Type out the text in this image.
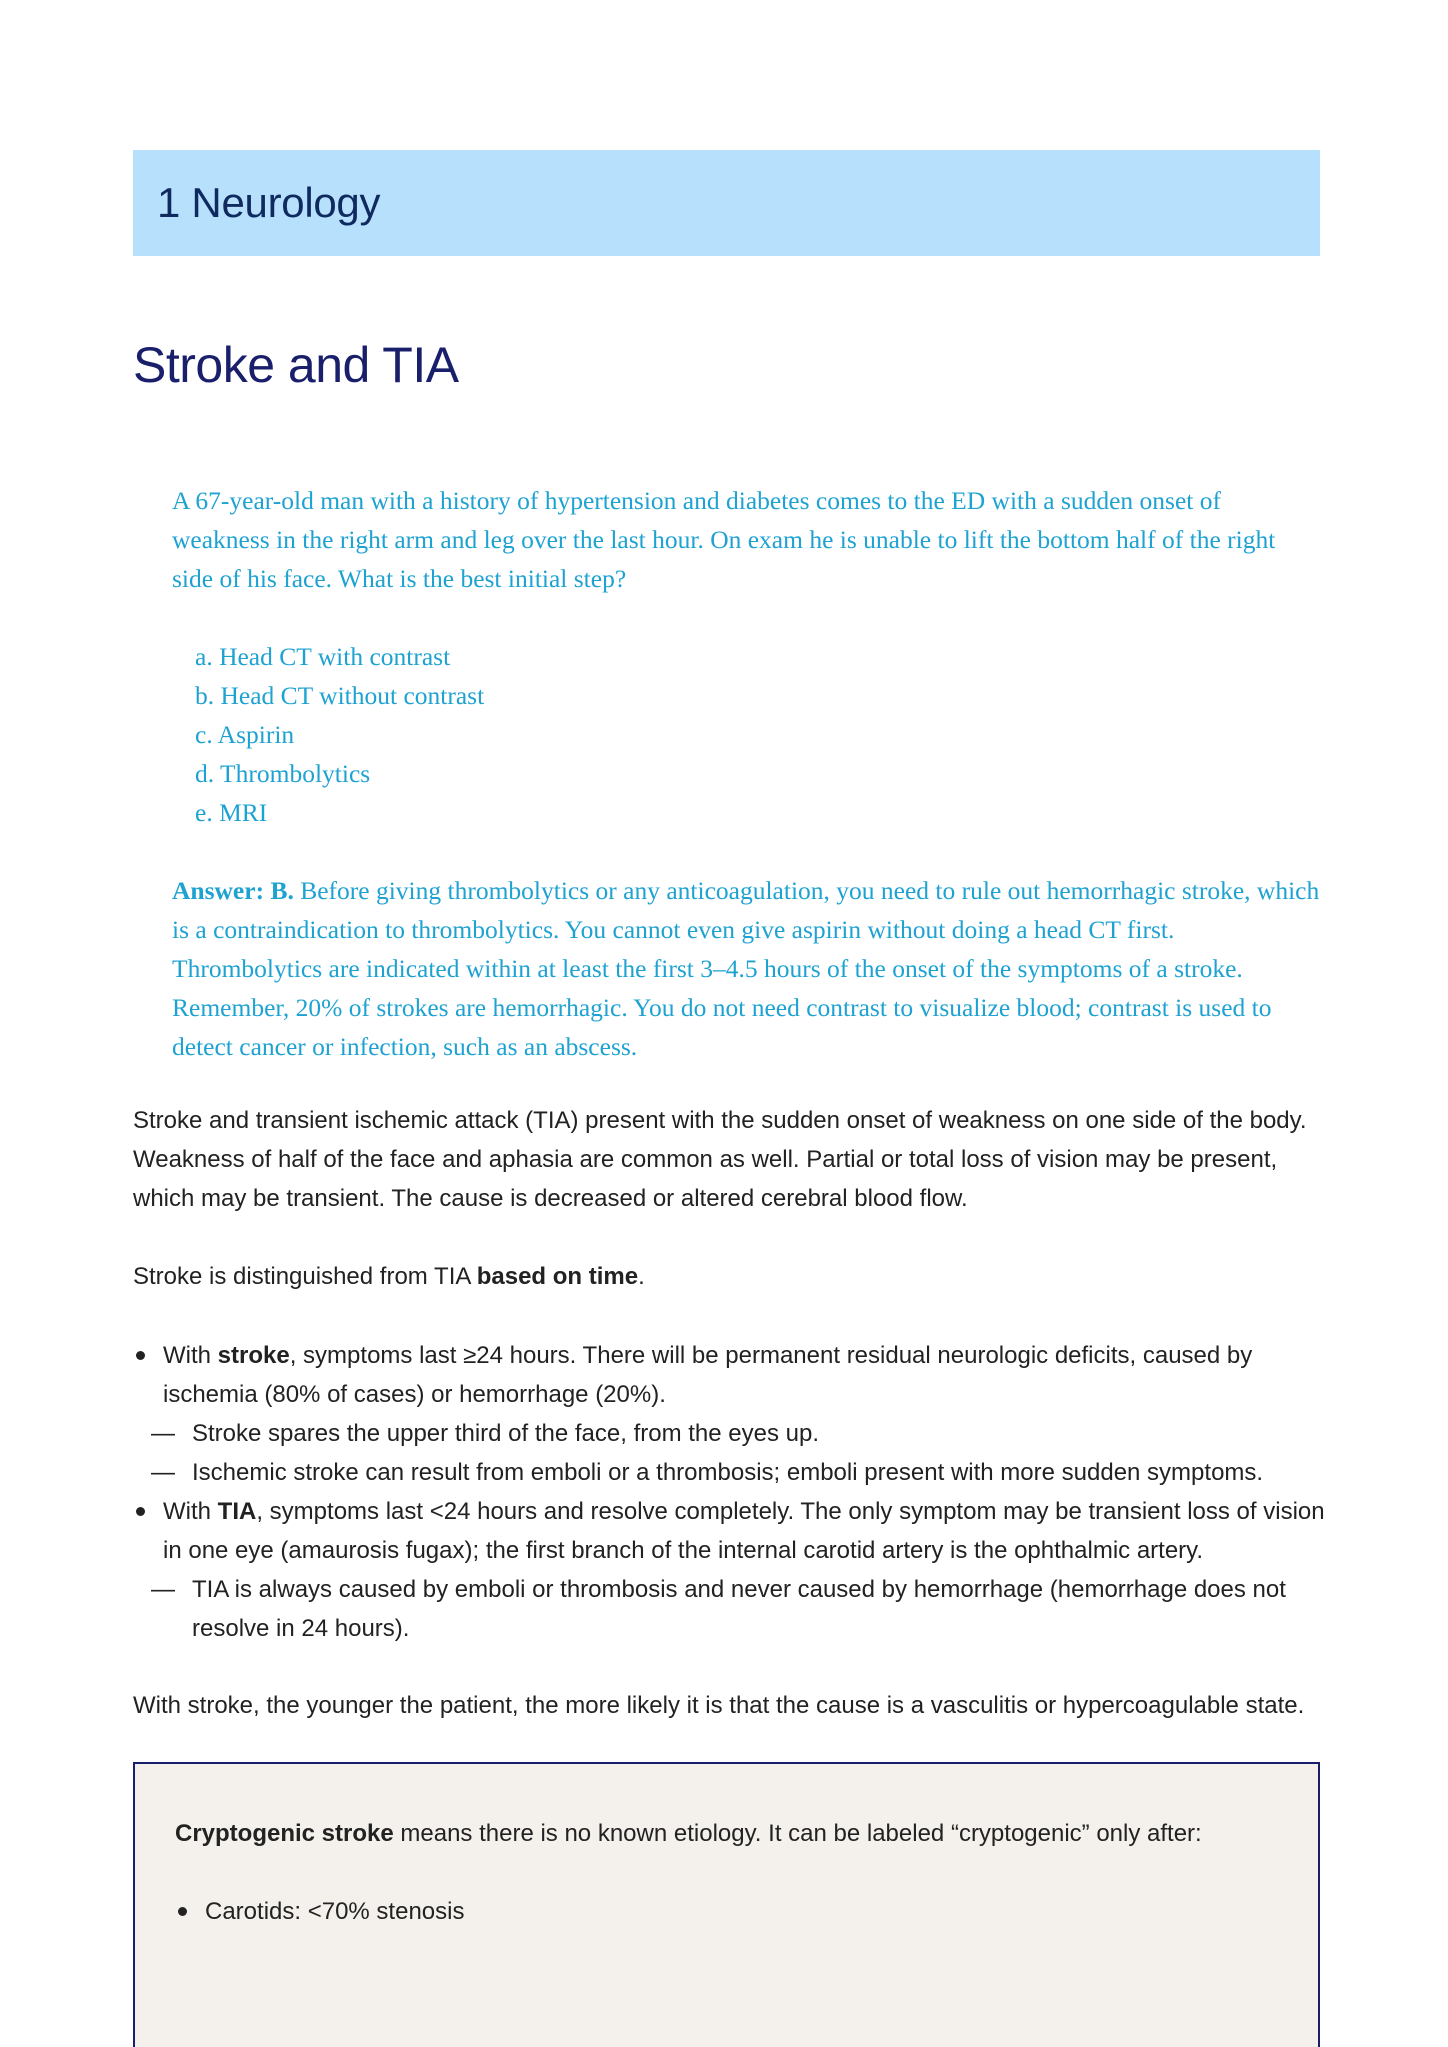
1 Neurology
Stroke and TIA

A 67-year-old man with a history of hypertension and diabetes comes to the ED with a sudden onset of weakness in the right arm and leg over the last hour. On exam he is unable to lift the bottom half of the right side of his face. What is the best initial step?

a. Head CT with contrast
b. Head CT without contrast
c. Aspirin
d. Thrombolytics
e. MRI

Answer: B. Before giving thrombolytics or any anticoagulation, you need to rule out hemorrhagic stroke, which is a contraindication to thrombolytics. You cannot even give aspirin without doing a head CT first. Thrombolytics are indicated within at least the first 3–4.5 hours of the onset of the symptoms of a stroke. Remember, 20% of strokes are hemorrhagic. You do not need contrast to visualize blood; contrast is used to detect cancer or infection, such as an abscess.

Stroke and transient ischemic attack (TIA) present with the sudden onset of weakness on one side of the body. Weakness of half of the face and aphasia are common as well. Partial or total loss of vision may be present, which may be transient. The cause is decreased or altered cerebral blood flow.

Stroke is distinguished from TIA based on time.

With stroke, symptoms last ≥24 hours. There will be permanent residual neurologic deficits, caused by ischemia (80% of cases) or hemorrhage (20%).
— Stroke spares the upper third of the face, from the eyes up.
— Ischemic stroke can result from emboli or a thrombosis; emboli present with more sudden symptoms.
With TIA, symptoms last <24 hours and resolve completely. The only symptom may be transient loss of vision in one eye (amaurosis fugax); the first branch of the internal carotid artery is the ophthalmic artery.
— TIA is always caused by emboli or thrombosis and never caused by hemorrhage (hemorrhage does not resolve in 24 hours).

With stroke, the younger the patient, the more likely it is that the cause is a vasculitis or hypercoagulable state.

Cryptogenic stroke means there is no known etiology. It can be labeled “cryptogenic” only after:

Carotids: <70% stenosis
